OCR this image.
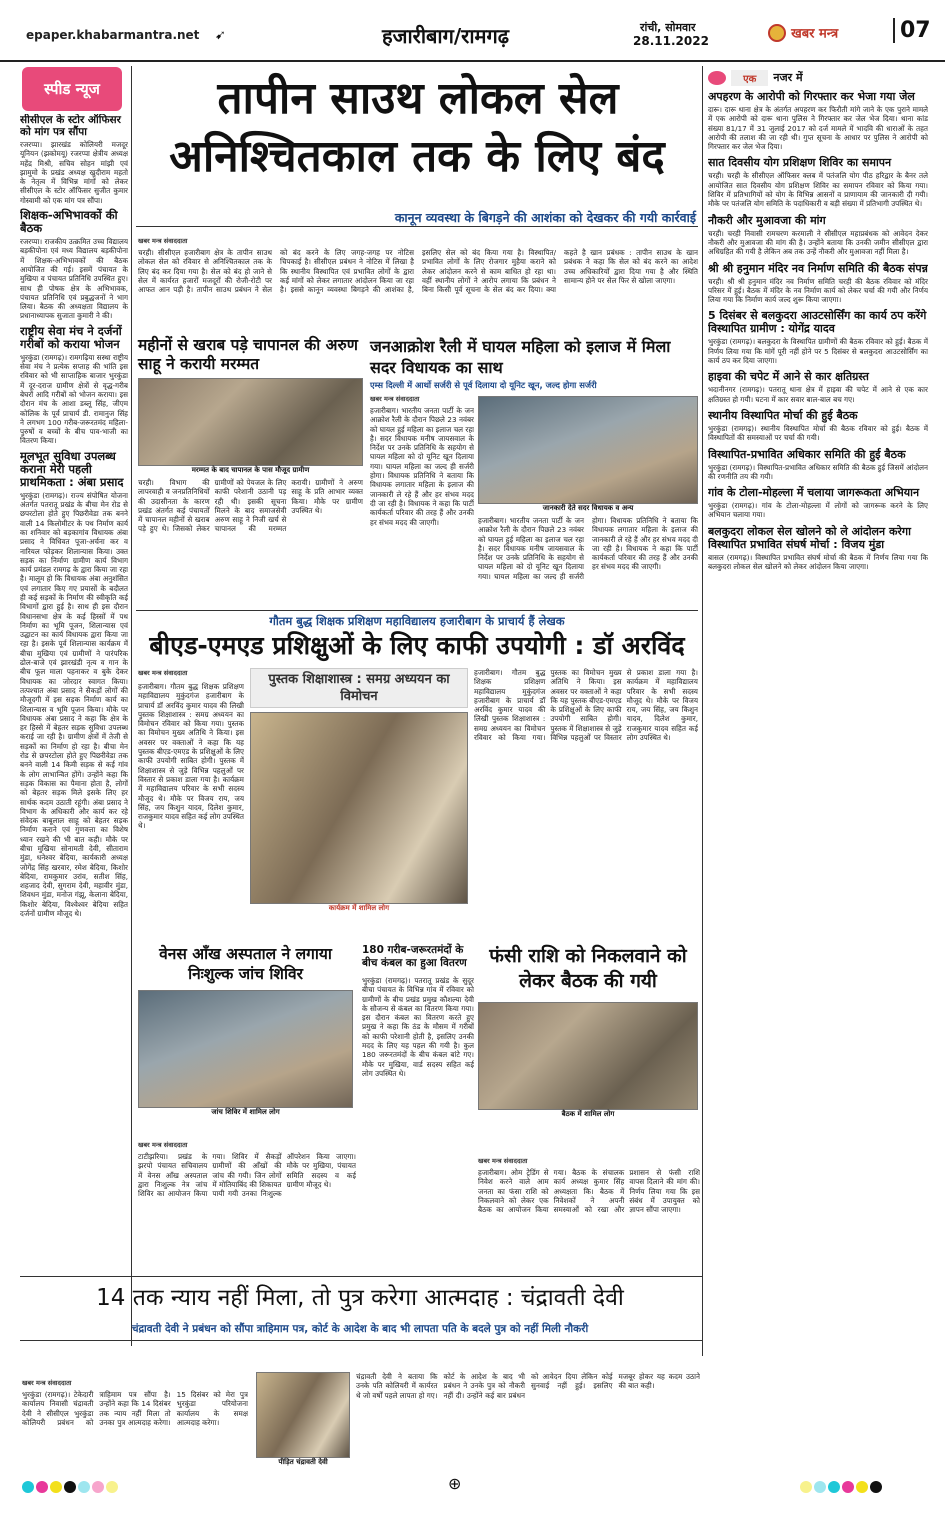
epaper.khabarmantra.net ➹	हजारीबाग/रामगढ़	रांची, सोमवार
28.11.2022	खबर मन्त्र	07
स्पीड न्यूज
सीसीएल के स्टोर ऑफिसर को मांग पत्र सौंपा
रजरप्पा। झारखंड कोलियरी मजदूर यूनियन (झकोमयू) रजरप्पा क्षेत्रीय अध्यक्ष महेंद्र मिश्री, सचिव सोहन मांझी एवं झामुमो के प्रखंड अध्यक्ष खुदीराम महतो के नेतृत्व में विभिन्न मांगों को लेकर सीसीएल के स्टोर ऑफिसर सुजीत कुमार गोस्वामी को एक मांग पत्र सौंपा।
शिक्षक-अभिभावकों की बैठक
रजरप्पा। राजकीय उत्क्रमित उच्च विद्यालय बड़कीपोना एवं मध्य विद्यालय बड़कीपोना में शिक्षक-अभिभावकों की बैठक आयोजित की गई। इसमें पंचायत के मुखिया व पंचायत प्रतिनिधि उपस्थित हुए। साथ ही पोषक क्षेत्र के अभिभावक, पंचायत प्रतिनिधि एवं प्रबुद्धजनों ने भाग लिया। बैठक की अध्यक्षता विद्यालय के प्रधानाध्यापक सुजाता कुमारी ने की।
राष्ट्रीय सेवा मंच ने दर्जनों गरीबों को कराया भोजन
भुरकुंडा (रामगढ़)। रामगढ़िया सस्था राष्ट्रीय सेवा मंच ने प्रत्येक सप्ताह की भांति इस रविवार को भी साप्ताहिक बाजार भुरकुंडा में दूर-दराज ग्रामीण क्षेत्रों से वृद्ध-गरीब बेघरों आदि गरीबों को भोजन कराया। इस दौरान मंच के आशा डब्लू सिंह, जीएम कोलिक के पूर्व प्राचार्य डी. रामानुज सिंह ने लगभग 100 गरीब-जरूरतमंद महिला-पुरुषों व बच्चों के बीच पाव-भाजी का वितरण किया।
मूलभूत सुविधा उपलब्ध कराना मेरी पहली प्राथमिकता : अंबा प्रसाद
भुरकुंडा (रामगढ़)। राज्य संपोषित योजना अंतर्गत पतरातू प्रखंड के बीचा मेन रोड से छपरटोला होते हुए पिछरीवेडा तक बनने वाली 14 किलोमीटर के पथ निर्माण कार्य का शनिवार को बड़कागांव विधायक अंबा प्रसाद ने विधिवत पूजा-अर्चना कर व नारियल फोड़कर शिलान्यास किया। उक्त सड़क का निर्माण ग्रामीण कार्य विभाग कार्य प्रमंडल रामगढ़ के द्वारा किया जा रहा है। मालूम हो कि विधायक अंबा अनुशंसित एवं लगातार किए गए प्रयासों के बदौलत ही कई सड़कों के निर्माण की स्वीकृति कई विभागों द्वारा हुई है। साथ ही इस दौरान विधानसभा क्षेत्र के कई हिस्सों में पथ निर्माण का भूमि पूजन, शिलान्यास एवं उद्घाटन का कार्य विधायक द्वारा किया जा रहा है। इसके पूर्व शिलान्यास कार्यक्रम में बीचा मुखिया एवं ग्रामीणों ने पारंपरिक ढोल-बाजे एवं झारखंडी नृत्य व गान के बीच फूल माला पहनाकर व बुके देकर विधायक का जोरदार स्वागत किया। तत्पश्चात अंबा प्रसाद ने सैकड़ों लोगों की मौजूदगी में इस सड़क निर्माण कार्य का शिलान्यास व भूमि पूजन किया। मौके पर विधायक अंबा प्रसाद ने कहा कि क्षेत्र के हर हिस्से में बेहतर सड़क सुविधा उपलब्ध कराई जा रही है। ग्रामीण क्षेत्रों में तेजी से सड़कों का निर्माण हो रहा है। बीचा मेन रोड से छपरटोला होते हुए पिछरीवेडा तक बनने वाली 14 किमी सड़क से कई गांव के लोग लाभान्वित होंगे। उन्होंने कहा कि सड़क विकास का पैमाना होता है, लोगों को बेहतर सड़क मिले इसके लिए हर सार्थक कदम उठाती रहूंगी। अंबा प्रसाद ने विभाग के अधिकारी और कार्य कर रहे संवेदक बाबूलाल साहू को बेहतर सड़क निर्माण कराने एवं गुणवत्ता का विशेष ध्यान रखने की भी बात कही। मौके पर बीचा मुखिया सोनामती देवी, सीताराम मुंडा, धनेश्वर बेदिया, कार्यकारी अध्यक्ष जोगेंद्र सिंह खरवार, रमेश बेदिया, किशोर बेदिया, रामकुमार उरांव, सतीश सिंह, शहजाद देवी, सुगराम देवी, महावीर मुंडा, शिवधन मुंडा, मनोज गंझू, केलाना बेदिया, किशोर बेदिया, विश्वेश्वर बेदिया सहित दर्जनों ग्रामीण मौजूद थे।
तापीन साउथ लोकल सेल
अनिश्चितकाल तक के लिए बंद
कानून व्यवस्था के बिगड़ने की आशंका को देखकर की गयी कार्रवाई
खबर मन्त्र संवाददाता
चरही। सीसीएल हजारीबाग क्षेत्र के तापीन साउथ लोकल सेल को रविवार से अनिश्चितकाल तक के लिए बंद कर दिया गया है। सेल को बंद हो जाने से सेल में कार्यरत हजारों मजदूरों की रोजी-रोटी पर आफत आन पड़ी है। तापीन साउथ प्रबंधन ने सेल को बंद करने के लिए जगह-जगह पर नोटिस चिपकाई है। सीसीएल प्रबंधन ने नोटिस में लिखा है कि स्थानीय विस्थापित एवं प्रभावित लोगों के द्वारा कई मांगों को लेकर लगातार आंदोलन किया जा रहा है। इससे कानून व्यवस्था बिगड़ने की आशंका है, इसलिए सेल को बंद किया गया है। विस्थापित/प्रभावित लोगों के लिए रोजगार मुहैया कराने को लेकर आंदोलन करने से काम बाधित हो रहा था। वहीं स्थानीय लोगों ने आरोप लगाया कि प्रबंधन ने बिना किसी पूर्व सूचना के सेल बंद कर दिया। क्या कहते है खान प्रबंधक : तापीन साउथ के खान प्रबंधक ने कहा कि सेल को बंद करने का आदेश उच्च अधिकारियों द्वारा दिया गया है और स्थिति सामान्य होने पर सेल फिर से खोला जाएगा।
महीनों से खराब पड़े चापानल की अरुण साहू ने करायी मरम्मत
मरम्मत के बाद चापानल के पास मौजूद ग्रामीण
चरही। विभाग की लापरवाही व जनप्रतिनिधियों की उदासीनता के कारण प्रखंड अंतर्गत कई पंचायतों में चापानल महीनों से खराब पड़े हुए थे। जिसको लेकर ग्रामीणों को पेयजल के लिए काफी परेशानी उठानी पड़ रही थी। इसकी सूचना मिलने के बाद समाजसेवी अरुण साहू ने निजी खर्च से चापानल की मरम्मत करायी। ग्रामीणों ने अरुण साहू के प्रति आभार व्यक्त किया। मौके पर ग्रामीण उपस्थित थे।
जनआक्रोश रैली में घायल महिला को इलाज में मिला सदर विधायक का साथ
एम्स दिल्ली में आर्थो सर्जरी से पूर्व दिलाया दो यूनिट खून, जल्द होगा सर्जरी
खबर मन्त्र संवाददाता
हजारीबाग। भारतीय जनता पार्टी के जन आक्रोश रैली के दौरान पिछले 23 नवंबर को घायल हुई महिला का इलाज चल रहा है। सदर विधायक मनीष जायसवाल के निर्देश पर उनके प्रतिनिधि के सहयोग से घायल महिला को दो यूनिट खून दिलाया गया। घायल महिला का जल्द ही सर्जरी होगा। विधायक प्रतिनिधि ने बताया कि विधायक लगातार महिला के इलाज की जानकारी ले रहे हैं और हर संभव मदद दी जा रही है। विधायक ने कहा कि पार्टी कार्यकर्ता परिवार की तरह हैं और उनकी हर संभव मदद की जाएगी।
जानकारी देते सदर विधायक व अन्य
हजारीबाग। भारतीय जनता पार्टी के जन आक्रोश रैली के दौरान पिछले 23 नवंबर को घायल हुई महिला का इलाज चल रहा है। सदर विधायक मनीष जायसवाल के निर्देश पर उनके प्रतिनिधि के सहयोग से घायल महिला को दो यूनिट खून दिलाया गया। घायल महिला का जल्द ही सर्जरी होगा। विधायक प्रतिनिधि ने बताया कि विधायक लगातार महिला के इलाज की जानकारी ले रहे हैं और हर संभव मदद दी जा रही है। विधायक ने कहा कि पार्टी कार्यकर्ता परिवार की तरह हैं और उनकी हर संभव मदद की जाएगी।
गौतम बुद्ध शिक्षक प्रशिक्षण महाविद्यालय हजारीबाग के प्राचार्य हैं लेखक
बीएड-एमएड प्रशिक्षुओं के लिए काफी उपयोगी : डॉ अरविंद
खबर मन्त्र संवाददाता
हजारीबाग। गौतम बुद्ध शिक्षक प्रशिक्षण महाविद्यालय मुकुंदगंज हजारीबाग के प्राचार्य डॉ अरविंद कुमार यादव की लिखी पुस्तक शिक्षाशास्त्र : समग्र अध्ययन का विमोचन रविवार को किया गया। पुस्तक का विमोचन मुख्य अतिथि ने किया। इस अवसर पर वक्ताओं ने कहा कि यह पुस्तक बीएड-एमएड के प्रशिक्षुओं के लिए काफी उपयोगी साबित होगी। पुस्तक में शिक्षाशास्त्र से जुड़े विभिन्न पहलुओं पर विस्तार से प्रकाश डाला गया है। कार्यक्रम में महाविद्यालय परिवार के सभी सदस्य मौजूद थे। मौके पर विजय राय, जय सिंह, जय किशुन यादव, दिलेश कुमार, राजकुमार यादव सहित कई लोग उपस्थित थे।
पुस्तक शिक्षाशास्त्र : समग्र अध्ययन का विमोचन
कार्यक्रम में शामिल लोग
हजारीबाग। गौतम बुद्ध शिक्षक प्रशिक्षण महाविद्यालय मुकुंदगंज हजारीबाग के प्राचार्य डॉ अरविंद कुमार यादव की लिखी पुस्तक शिक्षाशास्त्र : समग्र अध्ययन का विमोचन रविवार को किया गया। पुस्तक का विमोचन मुख्य अतिथि ने किया। इस अवसर पर वक्ताओं ने कहा कि यह पुस्तक बीएड-एमएड के प्रशिक्षुओं के लिए काफी उपयोगी साबित होगी। पुस्तक में शिक्षाशास्त्र से जुड़े विभिन्न पहलुओं पर विस्तार से प्रकाश डाला गया है। कार्यक्रम में महाविद्यालय परिवार के सभी सदस्य मौजूद थे। मौके पर विजय राय, जय सिंह, जय किशुन यादव, दिलेश कुमार, राजकुमार यादव सहित कई लोग उपस्थित थे।
वेनस आँख अस्पताल ने लगाया निःशुल्क जांच शिविर
जांच शिविर में शामिल लोग
खबर मन्त्र संवाददाता
टाटीझरिया। प्रखंड के झरपो पंचायत सचिवालय में वेनस आँख अस्पताल द्वारा निःशुल्क नेत्र जांच शिविर का आयोजन किया गया। शिविर में सैकड़ों ग्रामीणों की आँखों की जांच की गयी। जिन लोगों में मोतियाबिंद की शिकायत पायी गयी उनका निःशुल्क ऑपरेशन किया जाएगा। मौके पर मुखिया, पंचायत समिति सदस्य व कई ग्रामीण मौजूद थे।
180 गरीब-जरूरतमंदों के बीच कंबल का हुआ वितरण
भुरकुंडा (रामगढ़)। पतरातू प्रखंड के सुदूर बीचा पंचायत के विभिन्न गांव में रविवार को ग्रामीणों के बीच प्रखंड प्रमुख कौशल्या देवी के सौजन्य से कंबल का वितरण किया गया। इस दौरान कंबल का वितरण करते हुए प्रमुख ने कहा कि ठंड के मौसम में गरीबों को काफी परेशानी होती है, इसलिए उनकी मदद के लिए यह पहल की गयी है। कुल 180 जरूरतमंदों के बीच कंबल बांटे गए। मौके पर मुखिया, वार्ड सदस्य सहित कई लोग उपस्थित थे।
फंसी राशि को निकलवाने को लेकर बैठक की गयी
बैठक में शामिल लोग
खबर मन्त्र संवाददाता
हजारीबाग। ओम ट्रेडिंग से निवेश करने वाले आम जनता का फंसा राशि को निकलवाने को लेकर एक बैठक का आयोजन किया गया। बैठक के संचालक कार्य अध्यक्ष कुमार सिंह अध्यक्षता कि। बैठक में निवेशकों ने अपनी समस्याओं को रखा और प्रशासन से फंसी राशि वापस दिलाने की मांग की। निर्णय लिया गया कि इस संबंध में उपायुक्त को ज्ञापन सौंपा जाएगा।
एक नजर में
अपहरण के आरोपी को गिरफ्तार कर भेजा गया जेल
दारू। दारू थाना क्षेत्र के अंतर्गत अपहरण कर फिरौती मांगे जाने के एक पुराने मामले में एक आरोपी को दारू थाना पुलिस ने गिरफ्तार कर जेल भेज दिया। थाना कांड संख्या 81/17 में 31 जुलाई 2017 को दर्ज मामले में भादवि की धाराओं के तहत आरोपी की तलाश की जा रही थी। गुप्त सूचना के आधार पर पुलिस ने आरोपी को गिरफ्तार कर जेल भेज दिया।
सात दिवसीय योग प्रशिक्षण शिविर का समापन
चरही। चरही के सीसीएल ऑफिसर क्लब में पतंजलि योग पीठ हरिद्वार के बैनर तले आयोजित सात दिवसीय योग प्रशिक्षण शिविर का समापन रविवार को किया गया। शिविर में प्रतिभागियों को योग के विभिन्न आसनों व प्राणायाम की जानकारी दी गयी। मौके पर पतंजलि योग समिति के पदाधिकारी व बड़ी संख्या में प्रतिभागी उपस्थित थे।
नौकरी और मुआवजा की मांग
चरही। चरही निवासी रामचरण करमाली ने सीसीएल महाप्रबंधक को आवेदन देकर नौकरी और मुआवजा की मांग की है। उन्होंने बताया कि उनकी जमीन सीसीएल द्वारा अधिग्रहित की गयी है लेकिन अब तक उन्हें नौकरी और मुआवजा नहीं मिला है।
श्री श्री हनुमान मंदिर नव निर्माण समिति की बैठक संपन्न
चरही। श्री श्री हनुमान मंदिर नव निर्माण समिति चरही की बैठक रविवार को मंदिर परिसर में हुई। बैठक में मंदिर के नव निर्माण कार्य को लेकर चर्चा की गयी और निर्णय लिया गया कि निर्माण कार्य जल्द शुरू किया जाएगा।
5 दिसंबर से बलकुदरा आउटसोर्सिंग का कार्य ठप करेंगे विस्थापित ग्रामीण : योगेंद्र यादव
भुरकुंडा (रामगढ़)। बलकुदरा के विस्थापित ग्रामीणों की बैठक रविवार को हुई। बैठक में निर्णय लिया गया कि मांगें पूरी नहीं होने पर 5 दिसंबर से बलकुदरा आउटसोर्सिंग का कार्य ठप कर दिया जाएगा।
हाइवा की चपेट में आने से कार क्षतिग्रस्त
भदानीनगर (रामगढ़)। पतरातू थाना क्षेत्र में हाइवा की चपेट में आने से एक कार क्षतिग्रस्त हो गयी। घटना में कार सवार बाल-बाल बच गए।
स्थानीय विस्थापित मोर्चा की हुई बैठक
भुरकुंडा (रामगढ़)। स्थानीय विस्थापित मोर्चा की बैठक रविवार को हुई। बैठक में विस्थापितों की समस्याओं पर चर्चा की गयी।
विस्थापित-प्रभावित अधिकार समिति की हुई बैठक
भुरकुंडा (रामगढ़)। विस्थापित-प्रभावित अधिकार समिति की बैठक हुई जिसमें आंदोलन की रणनीति तय की गयी।
गांव के टोला-मोहल्ला में चलाया जागरूकता अभियान
भुरकुंडा (रामगढ़)। गांव के टोला-मोहल्ला में लोगों को जागरूक करने के लिए अभियान चलाया गया।
बलकुदरा लोकल सेल खोलने को ले आंदोलन करेगा विस्थापित प्रभावित संघर्ष मोर्चा : विजय मुंडा
बासल (रामगढ़)। विस्थापित प्रभावित संघर्ष मोर्चा की बैठक में निर्णय लिया गया कि बलकुदरा लोकल सेल खोलने को लेकर आंदोलन किया जाएगा।
14 तक न्याय नहीं मिला, तो पुत्र करेगा आत्मदाह : चंद्रावती देवी
चंद्रावती देवी ने प्रबंधन को सौंपा त्राहिमाम पत्र, कोर्ट के आदेश के बाद भी लापता पति के बदले पुत्र को नहीं मिली नौकरी
खबर मन्त्र संवाददाता
भुरकुंडा (रामगढ़)। टेकेदारी कार्यालय निवासी चंद्रावती देवी ने सीसीएल भुरकुंडा कोलियरी प्रबंधन को त्राहिमाम पत्र सौंपा है। उन्होंने कहा कि 14 दिसंबर तक न्याय नहीं मिला तो उनका पुत्र आत्मदाह करेगा। 15 दिसंबर को मेरा पुत्र भुरकुंडा परियोजना कार्यालय के समक्ष आत्मदाह करेगा।
पीड़ित चंद्रावती देवी
चंद्रावती देवी ने बताया कि उनके पति कोलियरी में कार्यरत थे जो वर्षों पहले लापता हो गए। कोर्ट के आदेश के बाद भी प्रबंधन ने उनके पुत्र को नौकरी नहीं दी। उन्होंने कई बार प्रबंधन को आवेदन दिया लेकिन कोई सुनवाई नहीं हुई। इसलिए मजबूर होकर यह कदम उठाने की बात कही।
⊕
